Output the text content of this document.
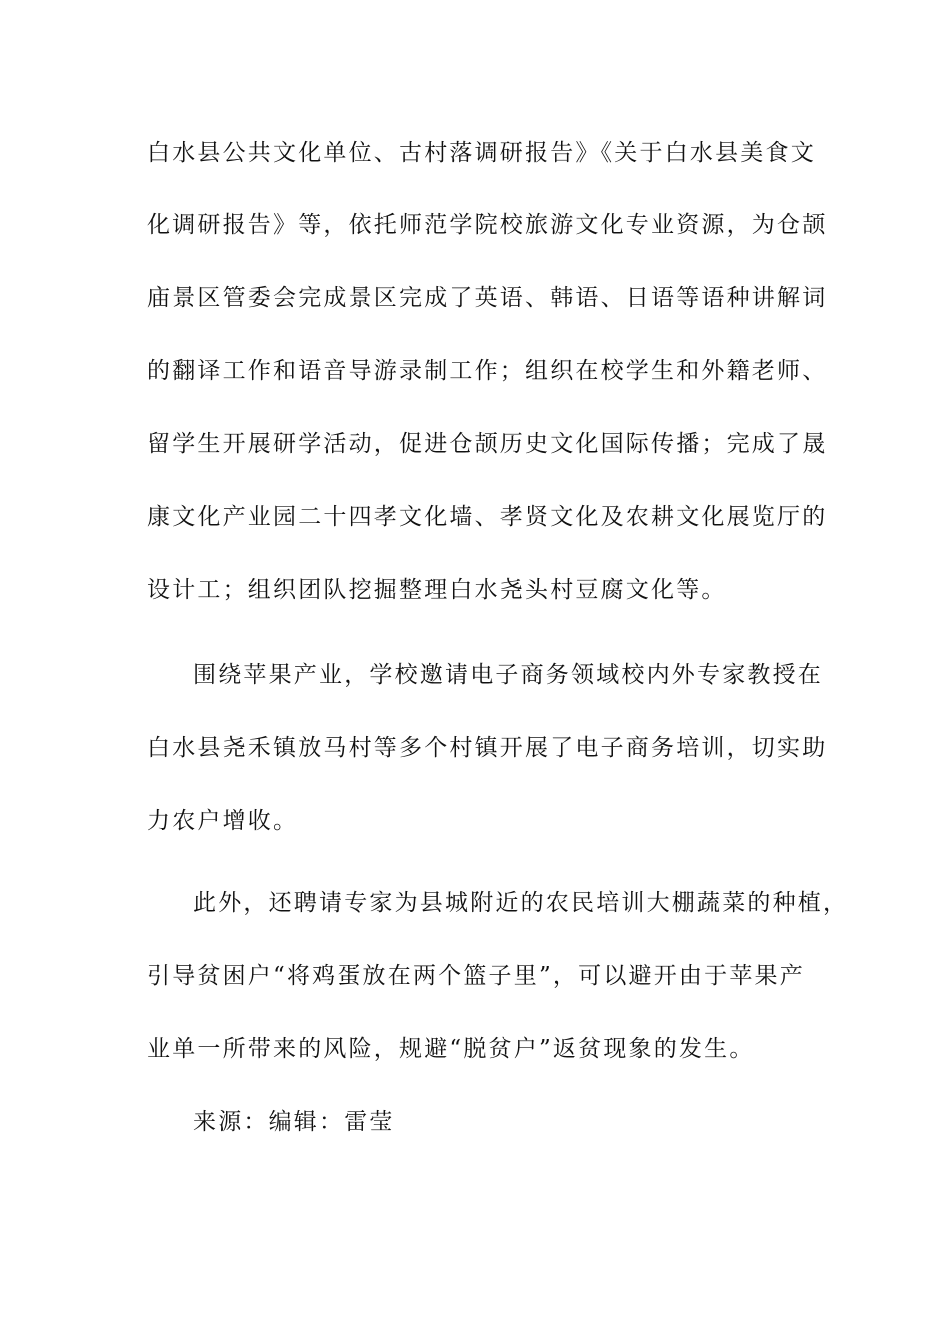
白水县公共文化单位、古村落调研报告》《关于白水县美食文
化调研报告》等，依托师范学院校旅游文化专业资源，为仓颉
庙景区管委会完成景区完成了英语、韩语、日语等语种讲解词
的翻译工作和语音导游录制工作；组织在校学生和外籍老师、
留学生开展研学活动，促进仓颉历史文化国际传播；完成了晟
康文化产业园二十四孝文化墙、孝贤文化及农耕文化展览厅的
设计工；组织团队挖掘整理白水尧头村豆腐文化等。
围绕苹果产业，学校邀请电子商务领域校内外专家教授在
白水县尧禾镇放马村等多个村镇开展了电子商务培训，切实助
力农户增收。
此外，还聘请专家为县城附近的农民培训大棚蔬菜的种植，
引导贫困户“将鸡蛋放在两个篮子里”，可以避开由于苹果产
业单一所带来的风险，规避“脱贫户”返贫现象的发生。
来源：编辑：雷莹
